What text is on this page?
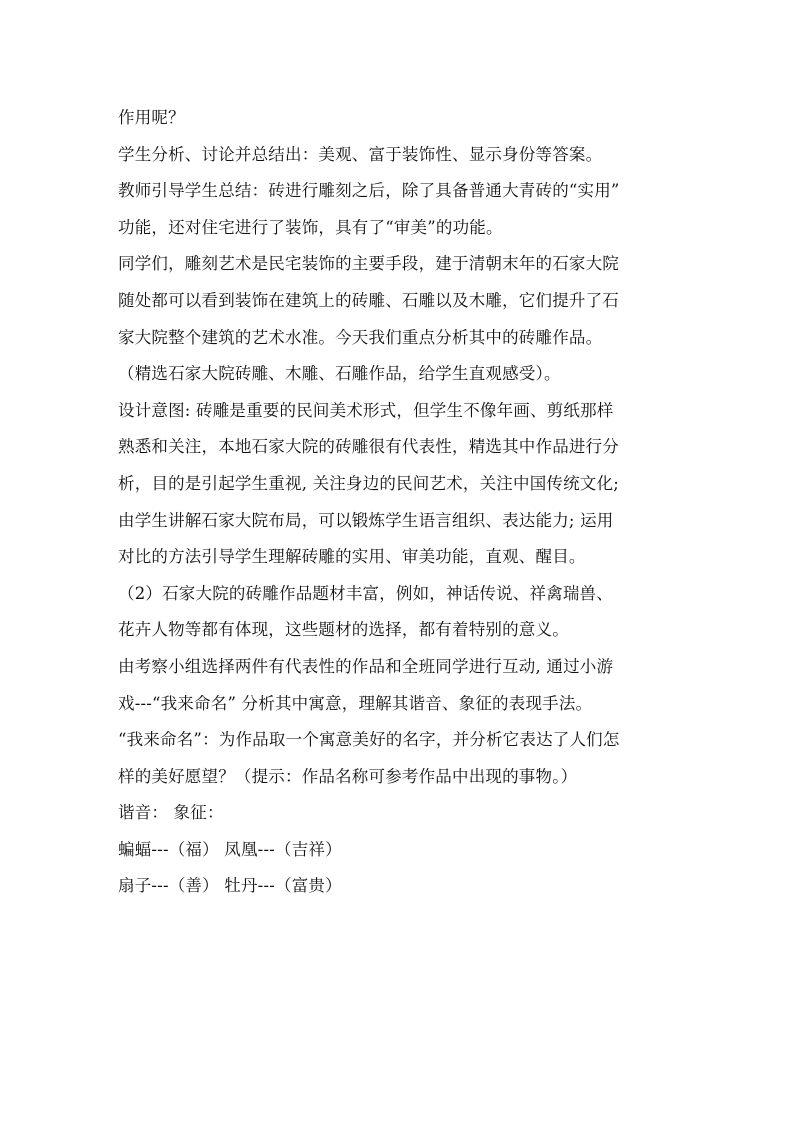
作用呢？
学生分析、讨论并总结出：美观、富于装饰性、显示身份等答案。
教师引导学生总结：砖进行雕刻之后，除了具备普通大青砖的“实用”
功能，还对住宅进行了装饰，具有了“审美”的功能。
同学们，雕刻艺术是民宅装饰的主要手段，建于清朝末年的石家大院
随处都可以看到装饰在建筑上的砖雕、石雕以及木雕，它们提升了石
家大院整个建筑的艺术水准。今天我们重点分析其中的砖雕作品。
（精选石家大院砖雕、木雕、石雕作品，给学生直观感受）。
设计意图: 砖雕是重要的民间美术形式，但学生不像年画、剪纸那样
熟悉和关注，本地石家大院的砖雕很有代表性，精选其中作品进行分
析，目的是引起学生重视, 关注身边的民间艺术，关注中国传统文化;
由学生讲解石家大院布局，可以锻炼学生语言组织、表达能力; 运用
对比的方法引导学生理解砖雕的实用、审美功能，直观、醒目。
（2）石家大院的砖雕作品题材丰富，例如，神话传说、祥禽瑞兽、
花卉人物等都有体现，这些题材的选择，都有着特别的意义。
由考察小组选择两件有代表性的作品和全班同学进行互动, 通过小游
戏---“我来命名” 分析其中寓意，理解其谐音、象征的表现手法。
“我来命名”：为作品取一个寓意美好的名字，并分析它表达了人们怎
样的美好愿望？（提示：作品名称可参考作品中出现的事物。）
谐音： 象征：
蝙蝠---（福） 凤凰---（吉祥）
扇子---（善） 牡丹---（富贵）
